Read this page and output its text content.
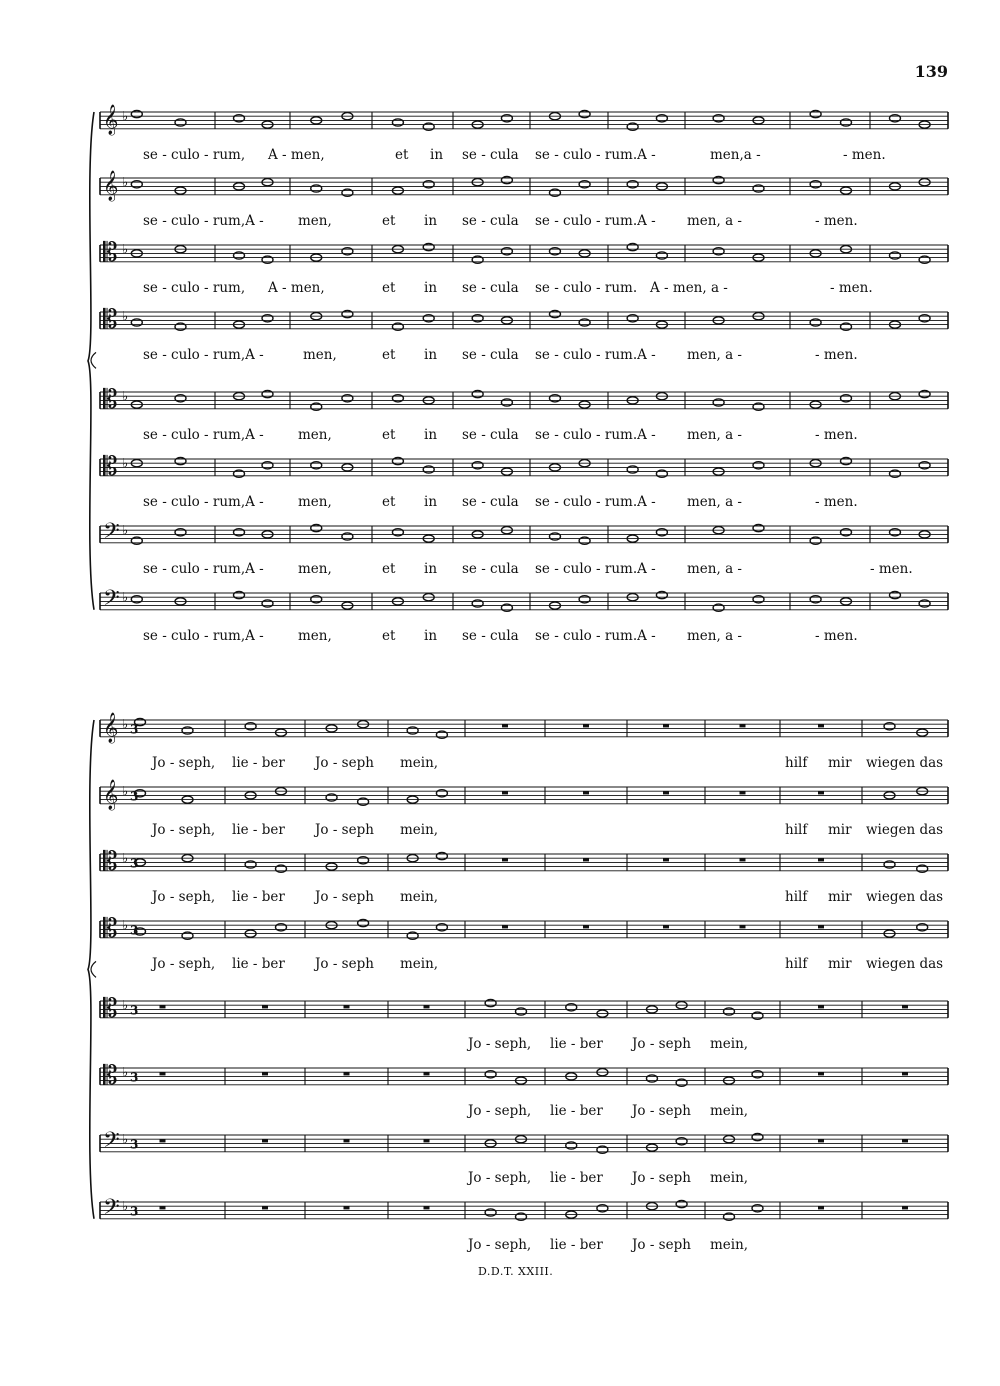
139
𝄞 ♭
se - culo - rum, A - men,	et in se - cula se - culo - rum.A -	men,a -	- men.
𝄞 ♭
se - culo - rum,A -	men,	et in se - cula se - culo - rum.A - men, a -	- men.
𝄡 ♭
se - culo - rum, A - men,	et in se - cula se - culo - rum. A - men, a -	- men.
𝄡 ♭
se - culo - rum,A -	men,	et in se - cula se - culo - rum.A - men, a -	- men.
𝄡 ♭
se - culo - rum,A -	men,	et in se - cula se - culo - rum.A - men, a -	- men.
𝄡 ♭
se - culo - rum,A -	men,	et in se - cula se - culo - rum.A - men, a -	- men.
𝄢 ♭
se - culo - rum,A -	men,	et in se - cula se - culo - rum.A - men, a -	- men.
𝄢 ♭
se - culo - rum,A -	men,	et in se - cula se - culo - rum.A - men, a -	- men.
𝄞 ♭ 3
Jo - seph, lie - ber Jo - seph mein,	hilf mir wiegen das
𝄞 ♭ 3
Jo - seph, lie - ber Jo - seph mein,	hilf mir wiegen das
𝄡 ♭ 3
Jo - seph, lie - ber Jo - seph mein,	hilf mir wiegen das
𝄡 ♭ 3
Jo - seph, lie - ber Jo - seph mein,	hilf mir wiegen das
𝄡 ♭ 3
Jo - seph, lie - ber Jo - seph mein,
𝄡 ♭ 3
Jo - seph, lie - ber Jo - seph mein,
𝄢 ♭ 3
Jo - seph, lie - ber Jo - seph mein,
𝄢 ♭ 3
Jo - seph, lie - ber Jo - seph mein,
D.D.T. XXIII.
